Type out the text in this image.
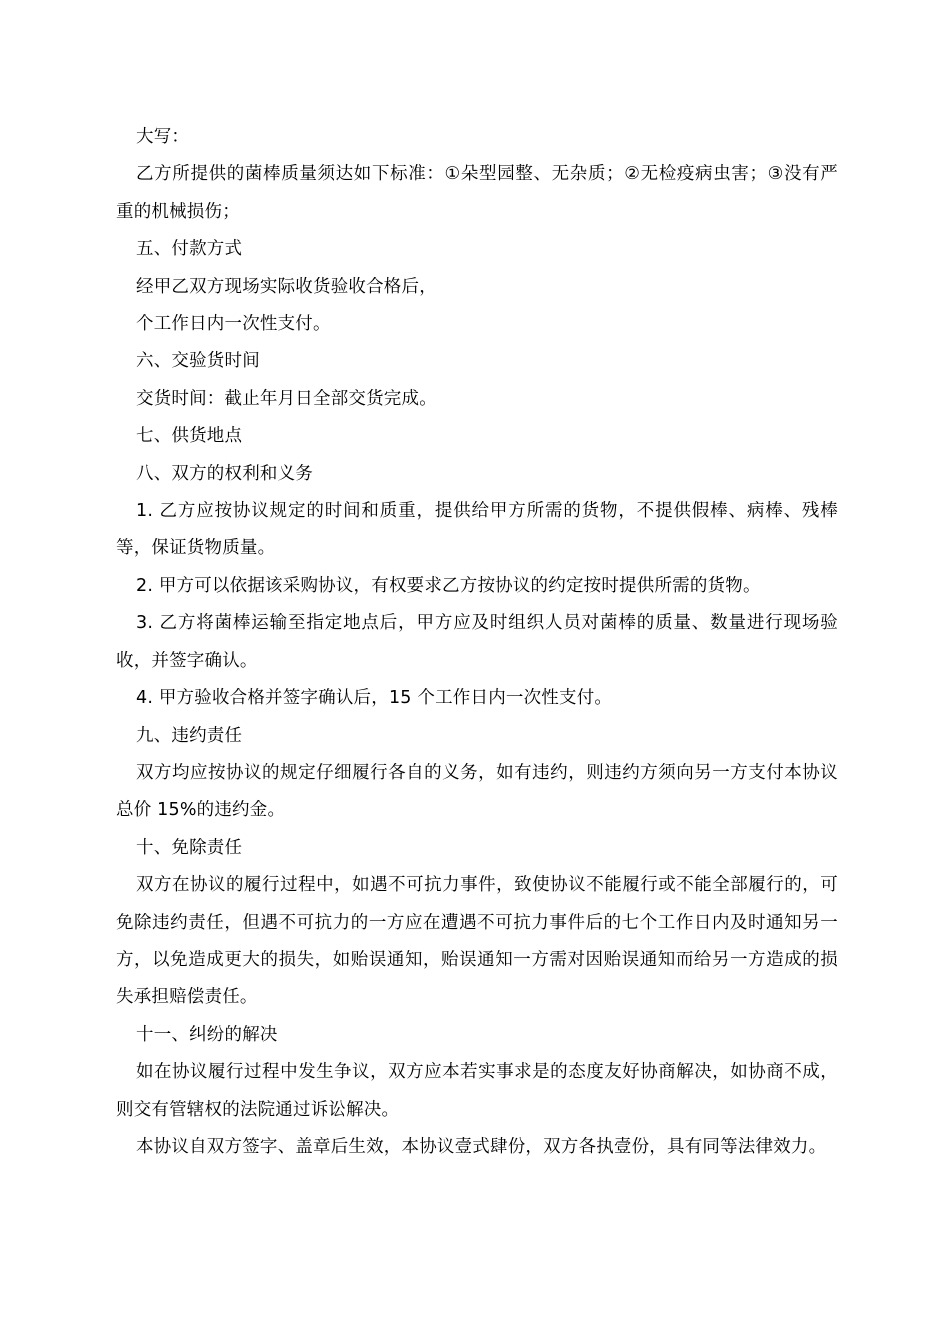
大写：

乙方所提供的菌棒质量须达如下标准：①朵型园整、无杂质；②无检疫病虫害；③没有严重的机械损伤；

五、付款方式

经甲乙双方现场实际收货验收合格后，

个工作日内一次性支付。

六、交验货时间

交货时间：截止年月日全部交货完成。

七、供货地点

八、双方的权利和义务

1. 乙方应按协议规定的时间和质重，提供给甲方所需的货物，不提供假棒、病棒、残棒等，保证货物质量。

2. 甲方可以依据该采购协议，有权要求乙方按协议的约定按时提供所需的货物。

3. 乙方将菌棒运输至指定地点后，甲方应及时组织人员对菌棒的质量、数量进行现场验收，并签字确认。

4. 甲方验收合格并签字确认后，15 个工作日内一次性支付。

九、违约责任

双方均应按协议的规定仔细履行各自的义务，如有违约，则违约方须向另一方支付本协议总价 15%的违约金。

十、免除责任

双方在协议的履行过程中，如遇不可抗力事件，致使协议不能履行或不能全部履行的，可免除违约责任，但遇不可抗力的一方应在遭遇不可抗力事件后的七个工作日内及时通知另一方，以免造成更大的损失，如贻误通知，贻误通知一方需对因贻误通知而给另一方造成的损失承担赔偿责任。

十一、纠纷的解决

如在协议履行过程中发生争议，双方应本若实事求是的态度友好协商解决，如协商不成，则交有管辖权的法院通过诉讼解决。

本协议自双方签字、盖章后生效，本协议壹式肆份，双方各执壹份，具有同等法律效力。
